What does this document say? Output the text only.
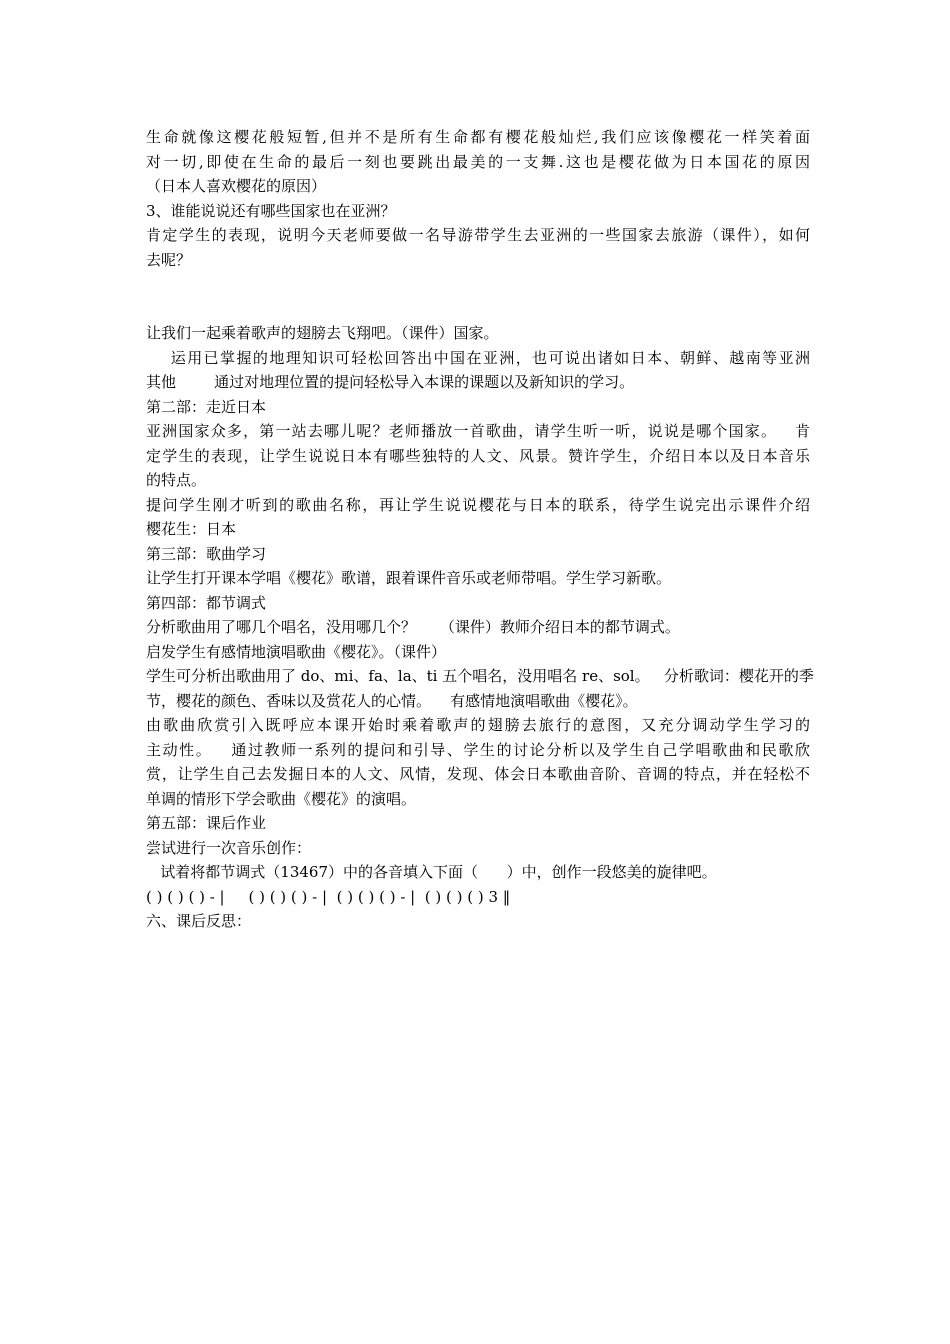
生命就像这樱花般短暂,但并不是所有生命都有樱花般灿烂,我们应该像樱花一样笑着面
对一切,即使在生命的最后一刻也要跳出最美的一支舞.这也是樱花做为日本国花的原因
（日本人喜欢樱花的原因）
3、谁能说说还有哪些国家也在亚洲？
肯定学生的表现，说明今天老师要做一名导游带学生去亚洲的一些国家去旅游（课件），如何
去呢？
让我们一起乘着歌声的翅膀去飞翔吧。（课件）国家。
运用已掌握的地理知识可轻松回答出中国在亚洲，也可说出诸如日本、朝鲜、越南等亚洲
其他        通过对地理位置的提问轻松导入本课的课题以及新知识的学习。
第二部：走近日本
亚洲国家众多，第一站去哪儿呢？老师播放一首歌曲，请学生听一听，说说是哪个国家。   肯
定学生的表现，让学生说说日本有哪些独特的人文、风景。赞许学生，介绍日本以及日本音乐
的特点。
提问学生刚才听到的歌曲名称，再让学生说说樱花与日本的联系，待学生说完出示课件介绍
樱花生：日本
第三部：歌曲学习
让学生打开课本学唱《樱花》歌谱，跟着课件音乐或老师带唱。学生学习新歌。
第四部：都节调式
分析歌曲用了哪几个唱名，没用哪几个？     （课件）教师介绍日本的都节调式。
启发学生有感情地演唱歌曲《樱花》。（课件）
学生可分析出歌曲用了 do、mi、fa、la、ti 五个唱名，没用唱名 re、sol。   分析歌词：樱花开的季
节，樱花的颜色、香味以及赏花人的心情。    有感情地演唱歌曲《樱花》。
由歌曲欣赏引入既呼应本课开始时乘着歌声的翅膀去旅行的意图，又充分调动学生学习的
主动性。   通过教师一系列的提问和引导、学生的讨论分析以及学生自己学唱歌曲和民歌欣
赏，让学生自己去发掘日本的人文、风情，发现、体会日本歌曲音阶、音调的特点，并在轻松不
单调的情形下学会歌曲《樱花》的演唱。
第五部：课后作业
尝试进行一次音乐创作：
试着将都节调式（13467）中的各音填入下面（      ）中，创作一段悠美的旋律吧。
( ) ( ) ( ) - |     ( ) ( ) ( ) - |  ( ) ( ) ( ) - |  ( ) ( ) ( ) 3 ‖
六、课后反思：
